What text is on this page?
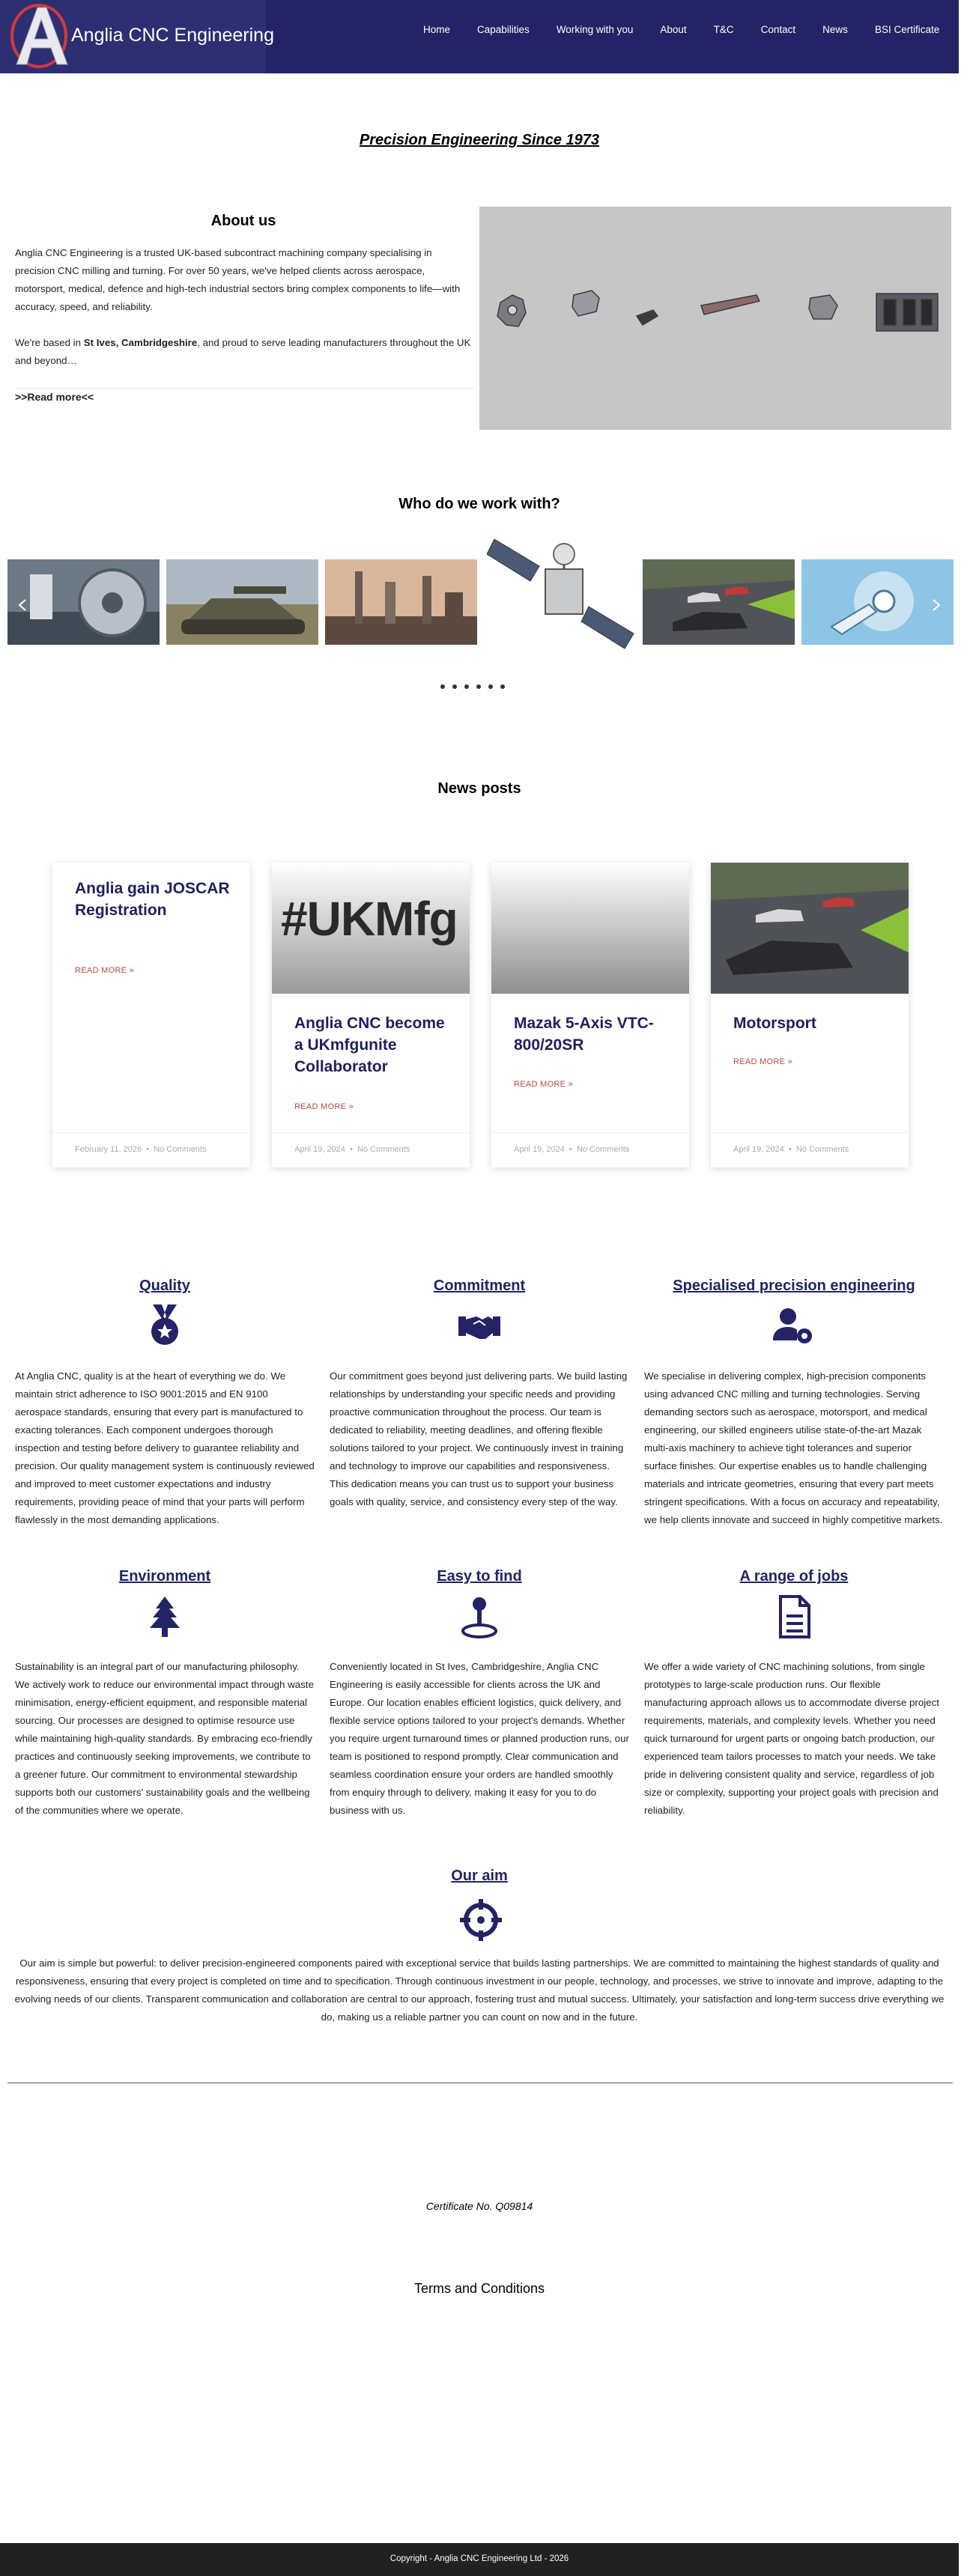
Anglia CNC Engineering	Home	Capabilities	Working with you	About	T&C	Contact	News	BSI Certificate
Precision Engineering Since 1973
About us

Anglia CNC Engineering is a trusted UK-based subcontract machining company specialising in precision CNC milling and turning. For over 50 years, we've helped clients across aerospace, motorsport, medical, defence and high-tech industrial sectors bring complex components to life—with accuracy, speed, and reliability.

We're based in St Ives, Cambridgeshire, and proud to serve leading manufacturers throughout the UK and beyond…

>>Read more<<
Who do we work with?
News posts
Anglia gain JOSCAR Registration
READ MORE »
February 11, 2026 • No Comments
#UKMfg
Anglia CNC become a UKmfgunite Collaborator
READ MORE »
April 19, 2024 • No Comments
Mazak 5-Axis VTC-800/20SR
READ MORE »
April 19, 2024 • No Comments
Motorsport
READ MORE »
April 19, 2024 • No Comments
Quality

At Anglia CNC, quality is at the heart of everything we do. We maintain strict adherence to ISO 9001:2015 and EN 9100 aerospace standards, ensuring that every part is manufactured to exacting tolerances. Each component undergoes thorough inspection and testing before delivery to guarantee reliability and precision. Our quality management system is continuously reviewed and improved to meet customer expectations and industry requirements, providing peace of mind that your parts will perform flawlessly in the most demanding applications.

Commitment

Our commitment goes beyond just delivering parts. We build lasting relationships by understanding your specific needs and providing proactive communication throughout the process. Our team is dedicated to reliability, meeting deadlines, and offering flexible solutions tailored to your project. We continuously invest in training and technology to improve our capabilities and responsiveness. This dedication means you can trust us to support your business goals with quality, service, and consistency every step of the way.

Specialised precision engineering

We specialise in delivering complex, high-precision components using advanced CNC milling and turning technologies. Serving demanding sectors such as aerospace, motorsport, and medical engineering, our skilled engineers utilise state-of-the-art Mazak multi-axis machinery to achieve tight tolerances and superior surface finishes. Our expertise enables us to handle challenging materials and intricate geometries, ensuring that every part meets stringent specifications. With a focus on accuracy and repeatability, we help clients innovate and succeed in highly competitive markets.

Environment

Sustainability is an integral part of our manufacturing philosophy. We actively work to reduce our environmental impact through waste minimisation, energy-efficient equipment, and responsible material sourcing. Our processes are designed to optimise resource use while maintaining high-quality standards. By embracing eco-friendly practices and continuously seeking improvements, we contribute to a greener future. Our commitment to environmental stewardship supports both our customers' sustainability goals and the wellbeing of the communities where we operate.

Easy to find

Conveniently located in St Ives, Cambridgeshire, Anglia CNC Engineering is easily accessible for clients across the UK and Europe. Our location enables efficient logistics, quick delivery, and flexible service options tailored to your project's demands. Whether you require urgent turnaround times or planned production runs, our team is positioned to respond promptly. Clear communication and seamless coordination ensure your orders are handled smoothly from enquiry through to delivery, making it easy for you to do business with us.

A range of jobs

We offer a wide variety of CNC machining solutions, from single prototypes to large-scale production runs. Our flexible manufacturing approach allows us to accommodate diverse project requirements, materials, and complexity levels. Whether you need quick turnaround for urgent parts or ongoing batch production, our experienced team tailors processes to match your needs. We take pride in delivering consistent quality and service, regardless of job size or complexity, supporting your project goals with precision and reliability.

Our aim

Our aim is simple but powerful: to deliver precision-engineered components paired with exceptional service that builds lasting partnerships. We are committed to maintaining the highest standards of quality and responsiveness, ensuring that every project is completed on time and to specification. Through continuous investment in our people, technology, and processes, we strive to innovate and improve, adapting to the evolving needs of our clients. Transparent communication and collaboration are central to our approach, fostering trust and mutual success. Ultimately, your satisfaction and long-term success drive everything we do, making us a reliable partner you can count on now and in the future.

Certificate No. Q09814
Terms and Conditions
Copyright - Anglia CNC Engineering Ltd - 2026
